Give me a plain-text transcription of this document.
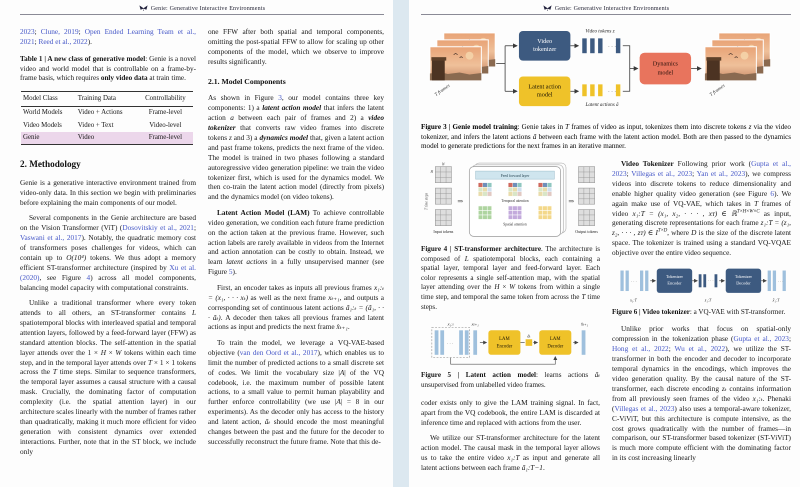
Genie: Generative Interactive Environments

2023; Clune, 2019; Open Ended Learning Team et al., 2021; Reed et al., 2022).

Table 1 | A new class of generative model: Genie is a novel video and world model that is controllable on a frame-by-frame basis, which requires only video data at train time.
Model Class	Training Data	Controllability
World Models	Video + Actions	Frame-level
Video Models	Video + Text	Video-level
Genie	Video	Frame-level
2. Methodology

Genie is a generative interactive environment trained from video-only data. In this section we begin with preliminaries before explaining the main components of our model.

Several components in the Genie architecture are based on the Vision Transformer (ViT) (Dosovitskiy et al., 2021; Vaswani et al., 2017). Notably, the quadratic memory cost of transformers poses challenges for videos, which can contain up to O(10⁴) tokens. We thus adopt a memory efficient ST-transformer architecture (inspired by Xu et al. (2020), see Figure 4) across all model components, balancing model capacity with computational constraints.

Unlike a traditional transformer where every token attends to all others, an ST-transformer contains L spatiotemporal blocks with interleaved spatial and temporal attention layers, followed by a feed-forward layer (FFW) as standard attention blocks. The self-attention in the spatial layer attends over the 1 × H × W tokens within each time step, and in the temporal layer attends over T × 1 × 1 tokens across the T time steps. Similar to sequence transformers, the temporal layer assumes a causal structure with a causal mask. Crucially, the dominating factor of computation complexity (i.e. the spatial attention layer) in our architecture scales linearly with the number of frames rather than quadratically, making it much more efficient for video generation with consistent dynamics over extended interactions. Further, note that in the ST block, we include only

one FFW after both spatial and temporal components, omitting the post-spatial FFW to allow for scaling up other components of the model, which we observe to improve results significantly.

2.1. Model Components

As shown in Figure 3, our model contains three key components: 1) a latent action model that infers the latent action a between each pair of frames and 2) a video tokenizer that converts raw video frames into discrete tokens z and 3) a dynamics model that, given a latent action and past frame tokens, predicts the next frame of the video. The model is trained in two phases following a standard autoregressive video generation pipeline: we train the video tokenizer first, which is used for the dynamics model. We then co-train the latent action model (directly from pixels) and the dynamics model (on video tokens).

Latent Action Model (LAM) To achieve controllable video generation, we condition each future frame prediction on the action taken at the previous frame. However, such action labels are rarely available in videos from the Internet and action annotation can be costly to obtain. Instead, we learn latent actions in a fully unsupervised manner (see Figure 5).

First, an encoder takes as inputs all previous frames x₁:ₜ = (x₁, · · · xₜ) as well as the next frame xₜ₊₁, and outputs a corresponding set of continuous latent actions ã₁:ₜ = (ã₁, · · · ãₜ). A decoder then takes all previous frames and latent actions as input and predicts the next frame x̂ₜ₊₁.

To train the model, we leverage a VQ-VAE-based objective (van den Oord et al., 2017), which enables us to limit the number of predicted actions to a small discrete set of codes. We limit the vocabulary size |A| of the VQ codebook, i.e. the maximum number of possible latent actions, to a small value to permit human playability and further enforce controllability (we use |A| = 8 in our experiments). As the decoder only has access to the history and latent action, ãₜ should encode the most meaningful changes between the past and the future for the decoder to successfully reconstruct the future frame. Note that this de-

Genie: Generative Interactive Environments
T frames
Video
tokenizer
Latent action
model
Video tokens z
· · ·
· · ·
Latent actions ã
Dynamics
model
T frames
Figure 3 | Genie model training: Genie takes in T frames of video as input, tokenizes them into discrete tokens z via the video tokenizer, and infers the latent actions ã between each frame with the latent action model. Both are then passed to the dynamics model to generate predictions for the next frames in an iterative manner.
W
H
T time steps
Input tokens
⇒
Feed forward layer
Temporal attention
Spatial attention
⇒
Output tokens
Figure 4 | ST-transformer architecture. The architecture is composed of L spatiotemporal blocks, each containing a spatial layer, temporal layer and feed-forward layer. Each color represents a single self-attention map, with the spatial layer attending over the H × W tokens from within a single time step, and temporal the same token from across the T time steps.
x₁:ₜ	xₜ₊₁
· · ·
LAM
Encoder
ãₜ
LAM
Decoder
x̂ₜ₊₁
Figure 5 | Latent action model: learns actions ãₜ unsupervised from unlabelled video frames.

coder exists only to give the LAM training signal. In fact, apart from the VQ codebook, the entire LAM is discarded at inference time and replaced with actions from the user.

We utilize our ST-transformer architecture for the latent action model. The causal mask in the temporal layer allows us to take the entire video x₁:T as input and generate all latent actions between each frame ã₁:T−1.

Video Tokenizer Following prior work (Gupta et al., 2023; Villegas et al., 2023; Yan et al., 2023), we compress videos into discrete tokens to reduce dimensionality and enable higher quality video generation (see Figure 6). We again make use of VQ-VAE, which takes in T frames of video x₁:T = (x₁, x₂, · · · , xᴛ) ∈ ℝ$^{T\times H\times W\times C}$ as input, generating discrete representations for each frame z₁:T = (z₁, z₂, · · · , zᴛ) ∈ $I^{T\times D}$, where D is the size of the discrete latent space. The tokenizer is trained using a standard VQ-VQAE objective over the entire video sequence.

· · ·
x₁:T
Tokenizer
Encoder	· · ·
z₁:T
Tokenizer
Decoder	· · ·
x̂₁:T
Figure 6 | Video tokenizer: a VQ-VAE with ST-transformer.

Unlike prior works that focus on spatial-only compression in the tokenization phase (Gupta et al., 2023; Hong et al., 2022; Wu et al., 2022), we utilize the ST-transformer in both the encoder and decoder to incorporate temporal dynamics in the encodings, which improves the video generation quality. By the causal nature of the ST-transformer, each discrete encoding zₜ contains information from all previously seen frames of the video x₁:ₜ. Phenaki (Villegas et al., 2023) also uses a temporal-aware tokenizer, C-ViViT, but this architecture is compute intensive, as the cost grows quadratically with the number of frames—in comparison, our ST-transformer based tokenizer (ST-ViViT) is much more compute efficient with the dominating factor in its cost increasing linearly
